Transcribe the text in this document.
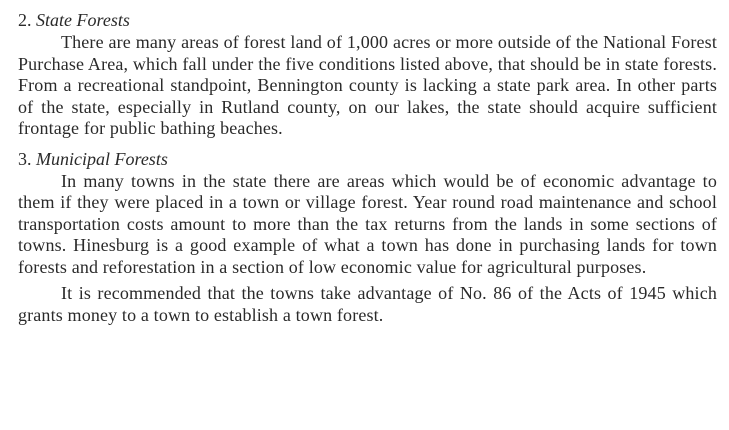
2. State Forests

There are many areas of forest land of 1,000 acres or more outside of the National Forest Purchase Area, which fall under the five conditions listed above, that should be in state forests. From a recreational standpoint, Bennington county is lacking a state park area. In other parts of the state, especially in Rutland county, on our lakes, the state should acquire sufficient frontage for public bathing beaches.

3. Municipal Forests

In many towns in the state there are areas which would be of economic advantage to them if they were placed in a town or village forest. Year round road maintenance and school transportation costs amount to more than the tax returns from the lands in some sections of towns. Hinesburg is a good example of what a town has done in purchasing lands for town forests and reforestation in a section of low economic value for agricultural purposes.

It is recommended that the towns take advantage of No. 86 of the Acts of 1945 which grants money to a town to establish a town forest.
